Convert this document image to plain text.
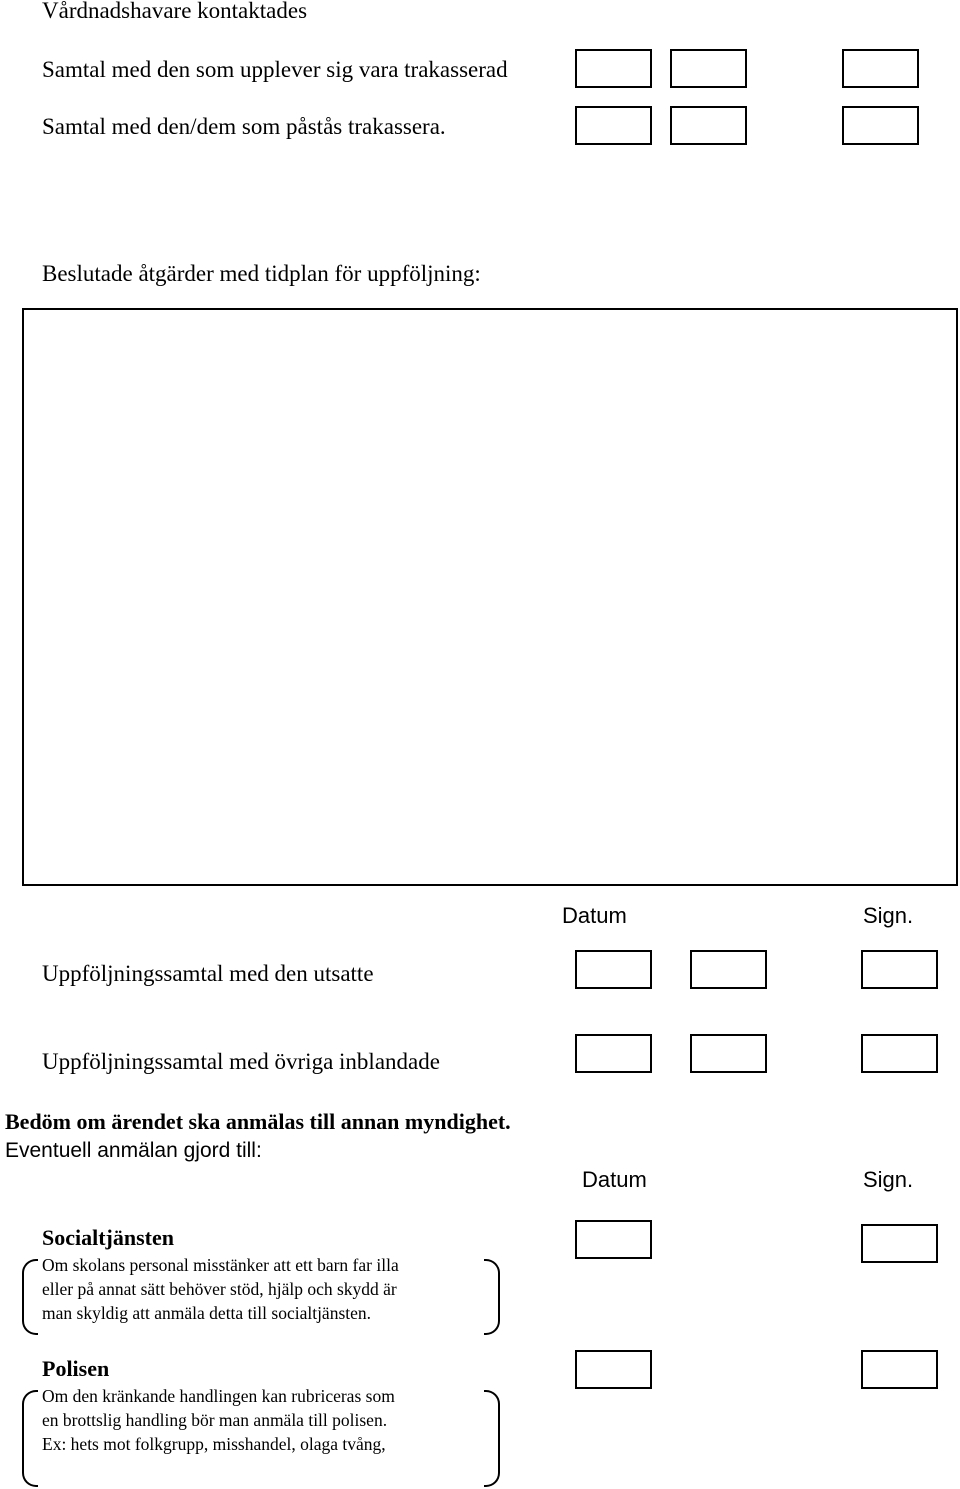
Vårdnadshavare kontaktades
Samtal med den som upplever sig vara trakasserad
Samtal med den/dem som påstås trakassera.
Beslutade åtgärder med tidplan för uppföljning:
Datum	Sign.
Uppföljningssamtal med den utsatte
Uppföljningssamtal med övriga inblandade
Bedöm om ärendet ska anmälas till annan myndighet.
Eventuell anmälan gjord till:
Datum	Sign.
Socialtjänsten
Om skolans personal misstänker att ett barn far illa
eller på annat sätt behöver stöd, hjälp och skydd är
man skyldig att anmäla detta till socialtjänsten.
Polisen
Om den kränkande handlingen kan rubriceras som
en brottslig handling bör man anmäla till polisen.
Ex: hets mot folkgrupp, misshandel, olaga tvång,
